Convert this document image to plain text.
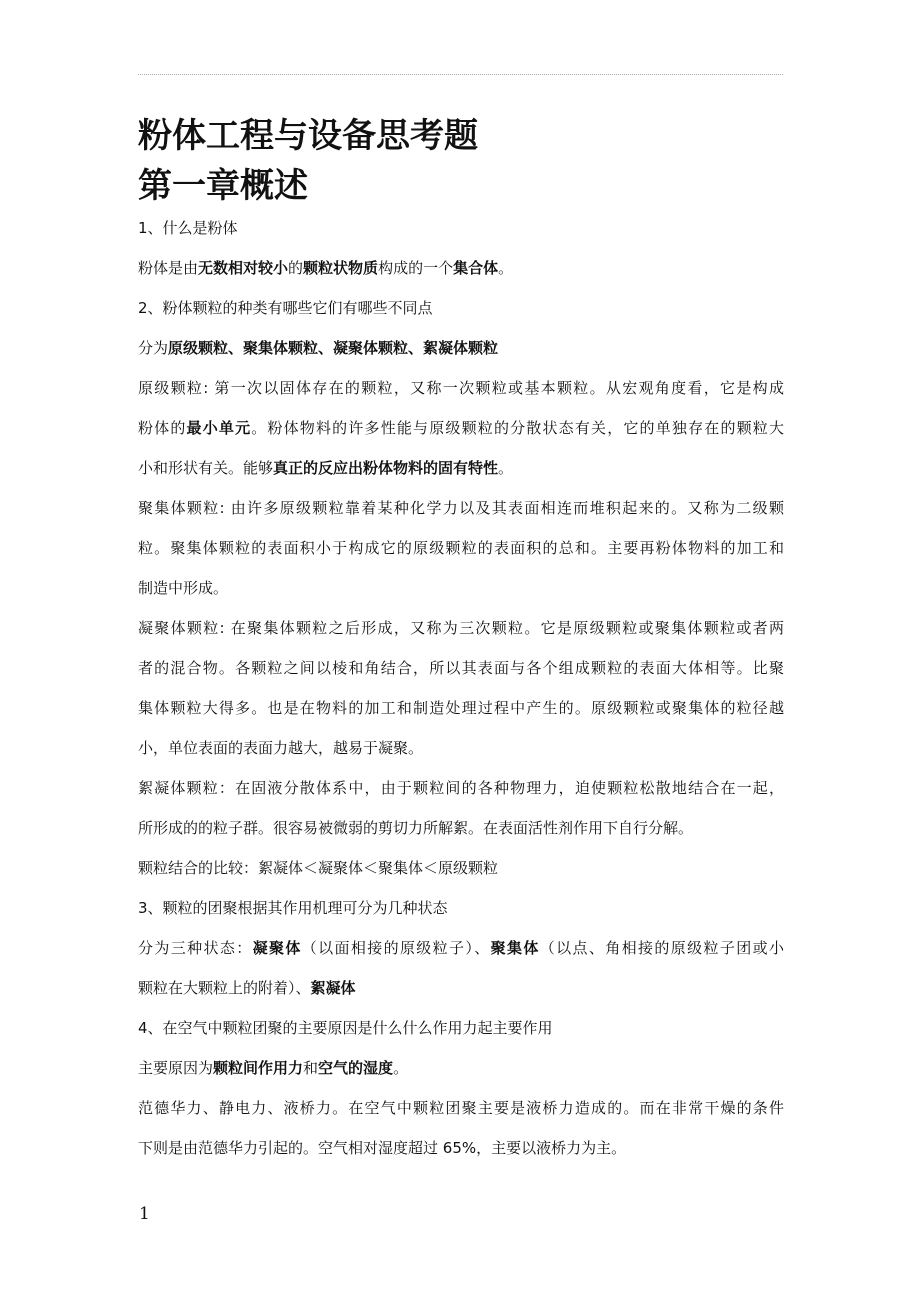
粉体工程与设备思考题
第一章概述
1、什么是粉体
粉体是由无数相对较小的颗粒状物质构成的一个集合体。
2、粉体颗粒的种类有哪些它们有哪些不同点
分为原级颗粒、聚集体颗粒、凝聚体颗粒、絮凝体颗粒
原级颗粒: 第一次以固体存在的颗粒，又称一次颗粒或基本颗粒。从宏观角度看，它是构成
粉体的最小单元。粉体物料的许多性能与原级颗粒的分散状态有关，它的单独存在的颗粒大
小和形状有关。能够真正的反应出粉体物料的固有特性。
聚集体颗粒: 由许多原级颗粒靠着某种化学力以及其表面相连而堆积起来的。又称为二级颗
粒。聚集体颗粒的表面积小于构成它的原级颗粒的表面积的总和。主要再粉体物料的加工和
制造中形成。
凝聚体颗粒: 在聚集体颗粒之后形成，又称为三次颗粒。它是原级颗粒或聚集体颗粒或者两
者的混合物。各颗粒之间以棱和角结合，所以其表面与各个组成颗粒的表面大体相等。比聚
集体颗粒大得多。也是在物料的加工和制造处理过程中产生的。原级颗粒或聚集体的粒径越
小，单位表面的表面力越大，越易于凝聚。
絮凝体颗粒：在固液分散体系中，由于颗粒间的各种物理力，迫使颗粒松散地结合在一起，
所形成的的粒子群。很容易被微弱的剪切力所解絮。在表面活性剂作用下自行分解。
颗粒结合的比较：絮凝体＜凝聚体＜聚集体＜原级颗粒
3、颗粒的团聚根据其作用机理可分为几种状态
分为三种状态：凝聚体（以面相接的原级粒子）、聚集体（以点、角相接的原级粒子团或小
颗粒在大颗粒上的附着）、絮凝体
4、在空气中颗粒团聚的主要原因是什么什么作用力起主要作用
主要原因为颗粒间作用力和空气的湿度。
范德华力、静电力、液桥力。在空气中颗粒团聚主要是液桥力造成的。而在非常干燥的条件
下则是由范德华力引起的。空气相对湿度超过 65%，主要以液桥力为主。
1
